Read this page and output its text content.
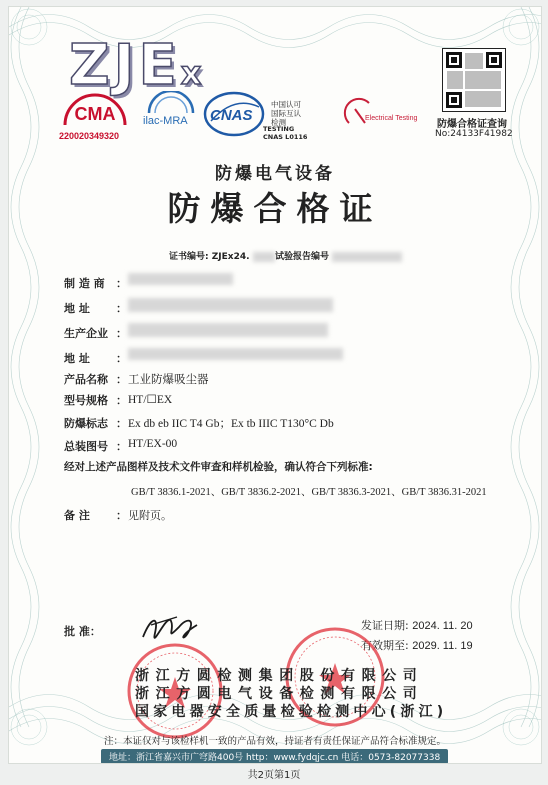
ZJEx
CMA
220020349320
ilac-MRA CNAS
中国认可
国际互认
检测
TESTING
CNAS L0116
Electrical Testing
防爆合格证查询
No:24133F41982
防爆电气设备
防爆合格证
证书编号: ZJEx24.	试验报告编号
制 造 商	：
地 址	：
生产企业 ：
地 址	：
产品名称 ： 工业防爆吸尘器
型号规格 ： HT/☐EX
防爆标志 ： Ex db eb IIC T4 Gb；Ex tb IIIC T130°C Db
总装图号 ： HT/EX-00
经对上述产品图样及技术文件审查和样机检验，确认符合下列标准:
GB/T 3836.1-2021、GB/T 3836.2-2021、GB/T 3836.3-2021、GB/T 3836.31-2021
备 注	： 见附页。
批 准：	发证日期: 2024. 11. 20
有效期至: 2029. 11. 19
浙江方圆检测集团股份有限公司
浙江方圆电气设备检测有限公司
国家电器安全质量检验检测中心(浙江)
注：本证仅对与该检样机一致的产品有效，持证者有责任保证产品符合标准规定。
地址：浙江省嘉兴市广穹路400号 http：www.fydqjc.cn 电话：0573-82077338
共2页第1页
